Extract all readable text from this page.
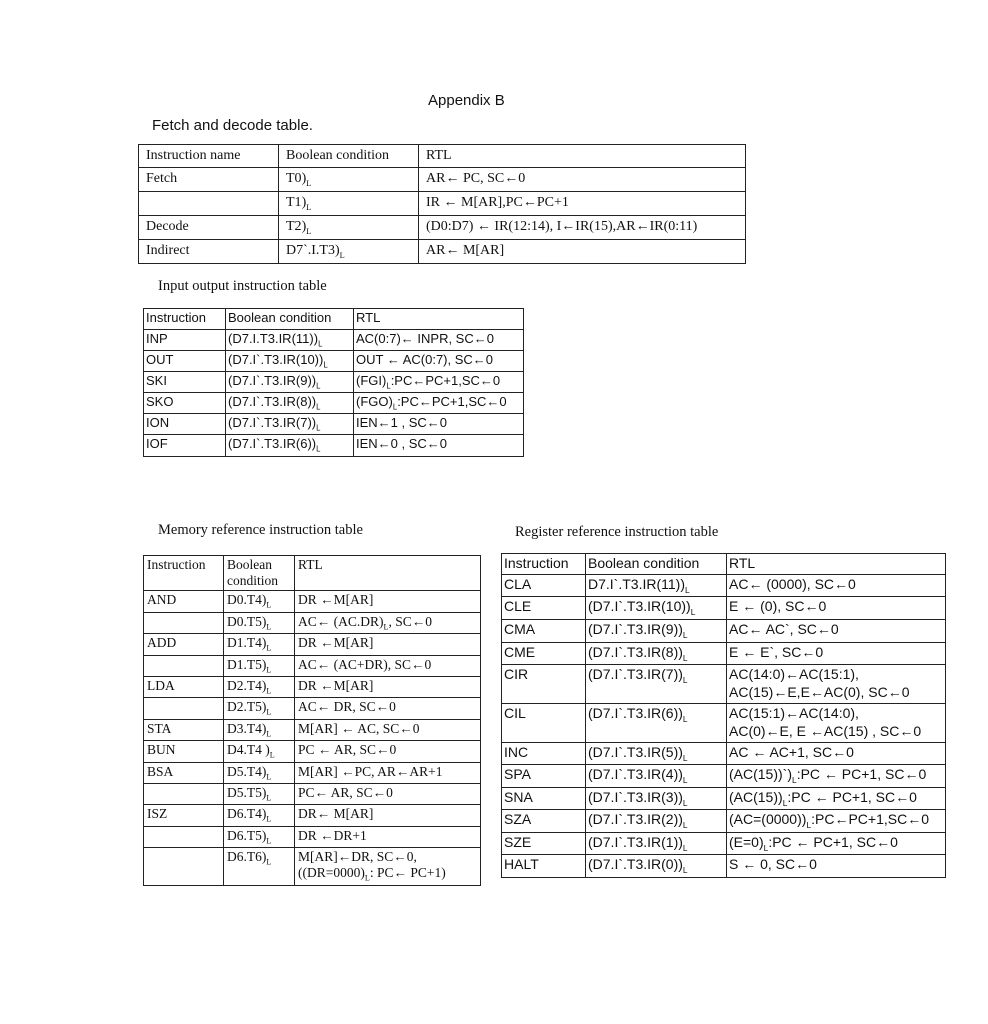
Appendix B
Fetch and decode table.
Instruction name	Boolean condition	RTL
Fetch	$T0)_L$	AR← PC, SC←0
	$T1)_L$	IR ← M[AR],PC←PC+1
Decode	$T2)_L$	(D0:D7) ← IR(12:14), I←IR(15),AR←IR(0:11)
Indirect	$D7`.I.T3)_L$	AR← M[AR]
Input output instruction table
Instruction	Boolean condition	RTL
INP	$(D7.I.T3.IR(11))_L$	AC(0:7)← INPR, SC←0
OUT	$(D7.I`.T3.IR(10))_L$	OUT ← AC(0:7), SC←0
SKI	$(D7.I`.T3.IR(9))_L$	$(FGI)_L:PC\leftarrow PC+1,SC\leftarrow 0$
SKO	$(D7.I`.T3.IR(8))_L$	$(FGO)_L:PC\leftarrow PC+1,SC\leftarrow 0$
ION	$(D7.I`.T3.IR(7))_L$	IEN←1 , SC←0
IOF	$(D7.I`.T3.IR(6))_L$	IEN←0 , SC←0
Memory reference instruction table
Instruction	Boolean condition	RTL
AND	$D0.T4)_L$	DR ←M[AR]
	$D0.T5)_L$	AC← $(AC.DR)_L$, SC←0
ADD	$D1.T4)_L$	DR ←M[AR]
	$D1.T5)_L$	AC← (AC+DR), SC←0
LDA	$D2.T4)_L$	DR ←M[AR]
	$D2.T5)_L$	AC← DR, SC←0
STA	$D3.T4)_L$	M[AR] ← AC, SC←0
BUN	D4.T4 )$_L$	PC ← AR, SC←0
BSA	$D5.T4)_L$	M[AR] ←PC, AR←AR+1
	$D5.T5)_L$	PC← AR, SC←0
ISZ	$D6.T4)_L$	DR← M[AR]
	$D6.T5)_L$	DR ←DR+1
	$D6.T6)_L$	M[AR]←DR, SC←0,
($(DR=0000)_L$: PC← PC+1)
Register reference instruction table
Instruction	Boolean condition	RTL
CLA	$D7.I`.T3.IR(11))_L$	AC← (0000), SC←0
CLE	$(D7.I`.T3.IR(10))_L$	E ← (0), SC←0
CMA	$(D7.I`.T3.IR(9))_L$	AC← AC`, SC←0
CME	$(D7.I`.T3.IR(8))_L$	E ← E`, SC←0
CIR	$(D7.I`.T3.IR(7))_L$	AC(14:0)←AC(15:1),
AC(15)←E,E←AC(0), SC←0
CIL	$(D7.I`.T3.IR(6))_L$	AC(15:1)←AC(14:0),
AC(0)←E, E ←AC(15) , SC←0
INC	$(D7.I`.T3.IR(5))_L$	AC ← AC+1, SC←0
SPA	$(D7.I`.T3.IR(4))_L$	$(AC(15))`)_L:PC$ ← PC+1, SC←0
SNA	$(D7.I`.T3.IR(3))_L$	$(AC(15))_L:PC$ ← PC+1, SC←0
SZA	$(D7.I`.T3.IR(2))_L$	$(AC=(0000))_L:PC\leftarrow PC+1,SC\leftarrow 0$
SZE	$(D7.I`.T3.IR(1))_L$	$(E=0)_L:PC$ ← PC+1, SC←0
HALT	$(D7.I`.T3.IR(0))_L$	S ← 0, SC←0
